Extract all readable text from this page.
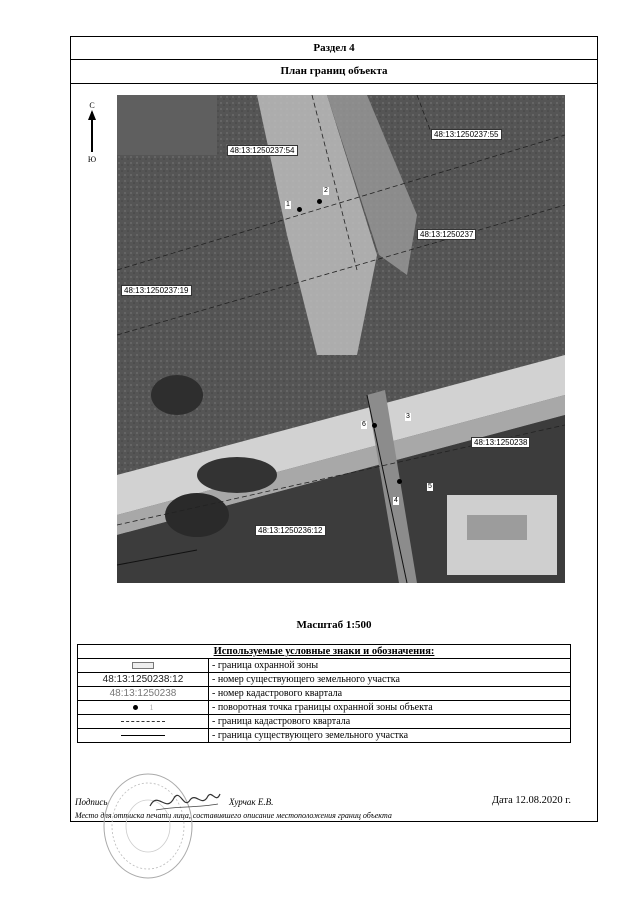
Раздел 4
План границ объекта
С
Ю
48:13:1250237:54
48:13:1250237:55
48:13:1250237
48:13:1250237:19
48:13:1250238
48:13:1250236:12
1
2
3
4
5
6
Масштаб 1:500
Используемые условные знаки и обозначения:	
	- граница охранной зоны
48:13:1250238:12	- номер существующего земельного участка
48:13:1250238	- номер кадастрового квартала
1	- поворотная точка границы охранной зоны объекта
	- граница кадастрового квартала
	- граница существующего земельного участка
Подпись	Хурчак Е.В.	Дата 12.08.2020 г.
Место для оттиска печати лица, составившего описание местоположения границ объекта
